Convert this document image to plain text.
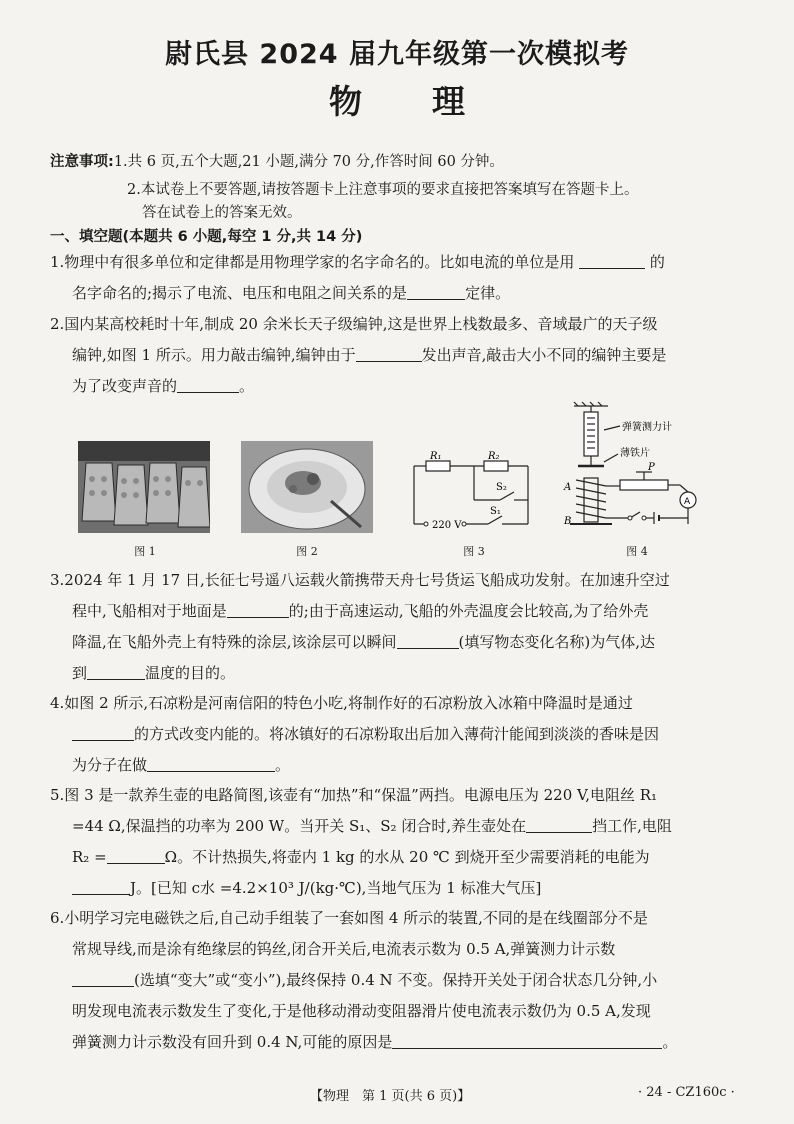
尉氏县 2024 届九年级第一次模拟考
物理
注意事项:1.共 6 页,五个大题,21 小题,满分 70 分,作答时间 60 分钟。
2.本试卷上不要答题,请按答题卡上注意事项的要求直接把答案填写在答题卡上。
答在试卷上的答案无效。
一、填空题(本题共 6 小题,每空 1 分,共 14 分)

1.物理中有很多单位和定律都是用物理学家的名字命名的。比如电流的单位是用	的

名字命名的;揭示了电流、电压和电阻之间关系的是	定律。

2.国内某高校耗时十年,制成 20 余米长天子级编钟,这是世界上栈数最多、音域最广的天子级

编钟,如图 1 所示。用力敲击编钟,编钟由于	发出声音,敲击大小不同的编钟主要是

为了改变声音的	。

图 1	图 2
R₁	R₂
S₂
S₁
220 V
图 3
弹簧测力计
薄铁片
A
B
P
A
图 4

3.2024 年 1 月 17 日,长征七号遥八运载火箭携带天舟七号货运飞船成功发射。在加速升空过

程中,飞船相对于地面是	的;由于高速运动,飞船的外壳温度会比较高,为了给外壳

降温,在飞船外壳上有特殊的涂层,该涂层可以瞬间	(填写物态变化名称)为气体,达

到	温度的目的。

4.如图 2 所示,石凉粉是河南信阳的特色小吃,将制作好的石凉粉放入冰箱中降温时是通过

的方式改变内能的。将冰镇好的石凉粉取出后加入薄荷汁能闻到淡淡的香味是因

为分子在做	。

5.图 3 是一款养生壶的电路简图,该壶有“加热”和“保温”两挡。电源电压为 220 V,电阻丝 R₁

=44 Ω,保温挡的功率为 200 W。当开关 S₁、S₂ 闭合时,养生壶处在	挡工作,电阻

R₂ =	Ω。不计热损失,将壶内 1 kg 的水从 20 ℃ 到烧开至少需要消耗的电能为

J。[已知 c水 =4.2×10³ J/(kg·℃),当地气压为 1 标准大气压]

6.小明学习完电磁铁之后,自己动手组装了一套如图 4 所示的装置,不同的是在线圈部分不是

常规导线,而是涂有绝缘层的钨丝,闭合开关后,电流表示数为 0.5 A,弹簧测力计示数

(选填“变大”或“变小”),最终保持 0.4 N 不变。保持开关处于闭合状态几分钟,小

明发现电流表示数发生了变化,于是他移动滑动变阻器滑片使电流表示数仍为 0.5 A,发现

弹簧测力计示数没有回升到 0.4 N,可能的原因是	。

【物理　第 1 页(共 6 页)】	· 24 - CZ160c ·
